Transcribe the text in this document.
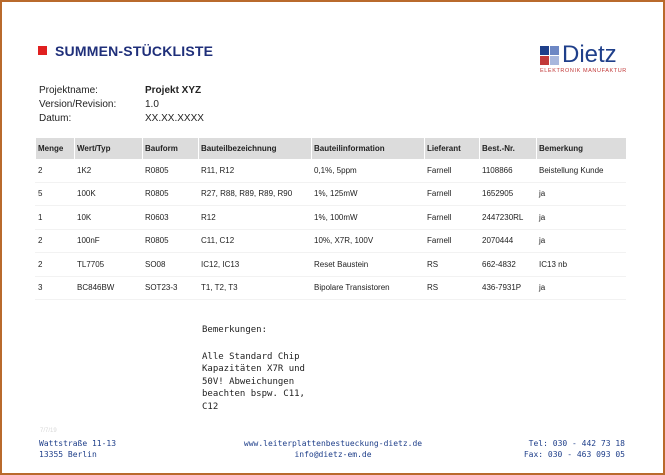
SUMMEN-STÜCKLISTE	Dietz
ELEKTRONIK MANUFAKTUR
Projektname:	Projekt XYZ
Version/Revision:	1.0
Datum:	XX.XX.XXXX
Menge	Wert/Typ	Bauform	Bauteilbezeichnung	Bauteilinformation	Lieferant	Best.-Nr.	Bemerkung
2	1K2	R0805	R11, R12	0,1%, 5ppm	Farnell	1108866	Beistellung Kunde
5	100K	R0805	R27, R88, R89, R89, R90	1%, 125mW	Farnell	1652905	ja
1	10K	R0603	R12	1%, 100mW	Farnell	2447230RL	ja
2	100nF	R0805	C11, C12	10%, X7R, 100V	Farnell	2070444	ja
2	TL7705	SO08	IC12, IC13	Reset Baustein	RS	662-4832	IC13 nb
3	BC846BW	SOT23-3	T1, T2, T3	Bipolare Transistoren	RS	436-7931P	ja
Bemerkungen:
Alle Standard Chip Kapazitäten X7R und 50V! Abweichungen beachten bspw. C11, C12
7/7/19
Wattstraße 11-13
13355 Berlin
www.leiterplattenbestueckung-dietz.de
info@dietz-em.de
Tel: 030 - 442 73 18
Fax: 030 - 463 093 05
